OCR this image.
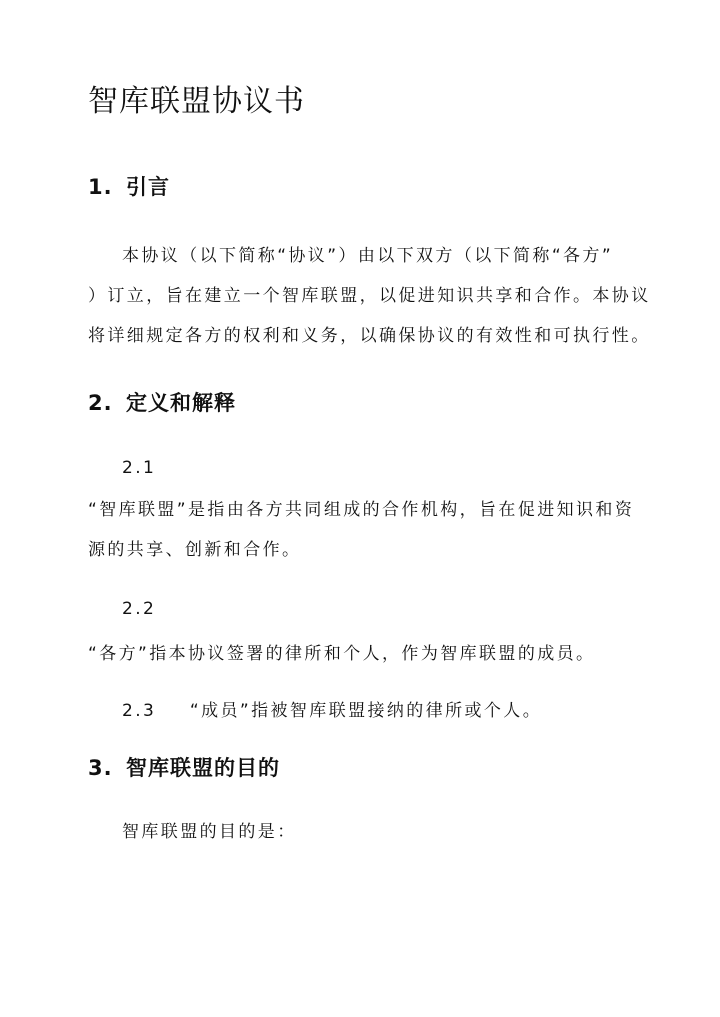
智库联盟协议书
1. 引言
本协议（以下简称“协议”）由以下双方（以下简称“各方”
）订立，旨在建立一个智库联盟，以促进知识共享和合作。本协议
将详细规定各方的权利和义务，以确保协议的有效性和可执行性。
2. 定义和解释
2.1
“智库联盟”是指由各方共同组成的合作机构，旨在促进知识和资
源的共享、创新和合作。
2.2
“各方”指本协议签署的律所和个人，作为智库联盟的成员。
2.3 “成员”指被智库联盟接纳的律所或个人。
3. 智库联盟的目的
智库联盟的目的是：
